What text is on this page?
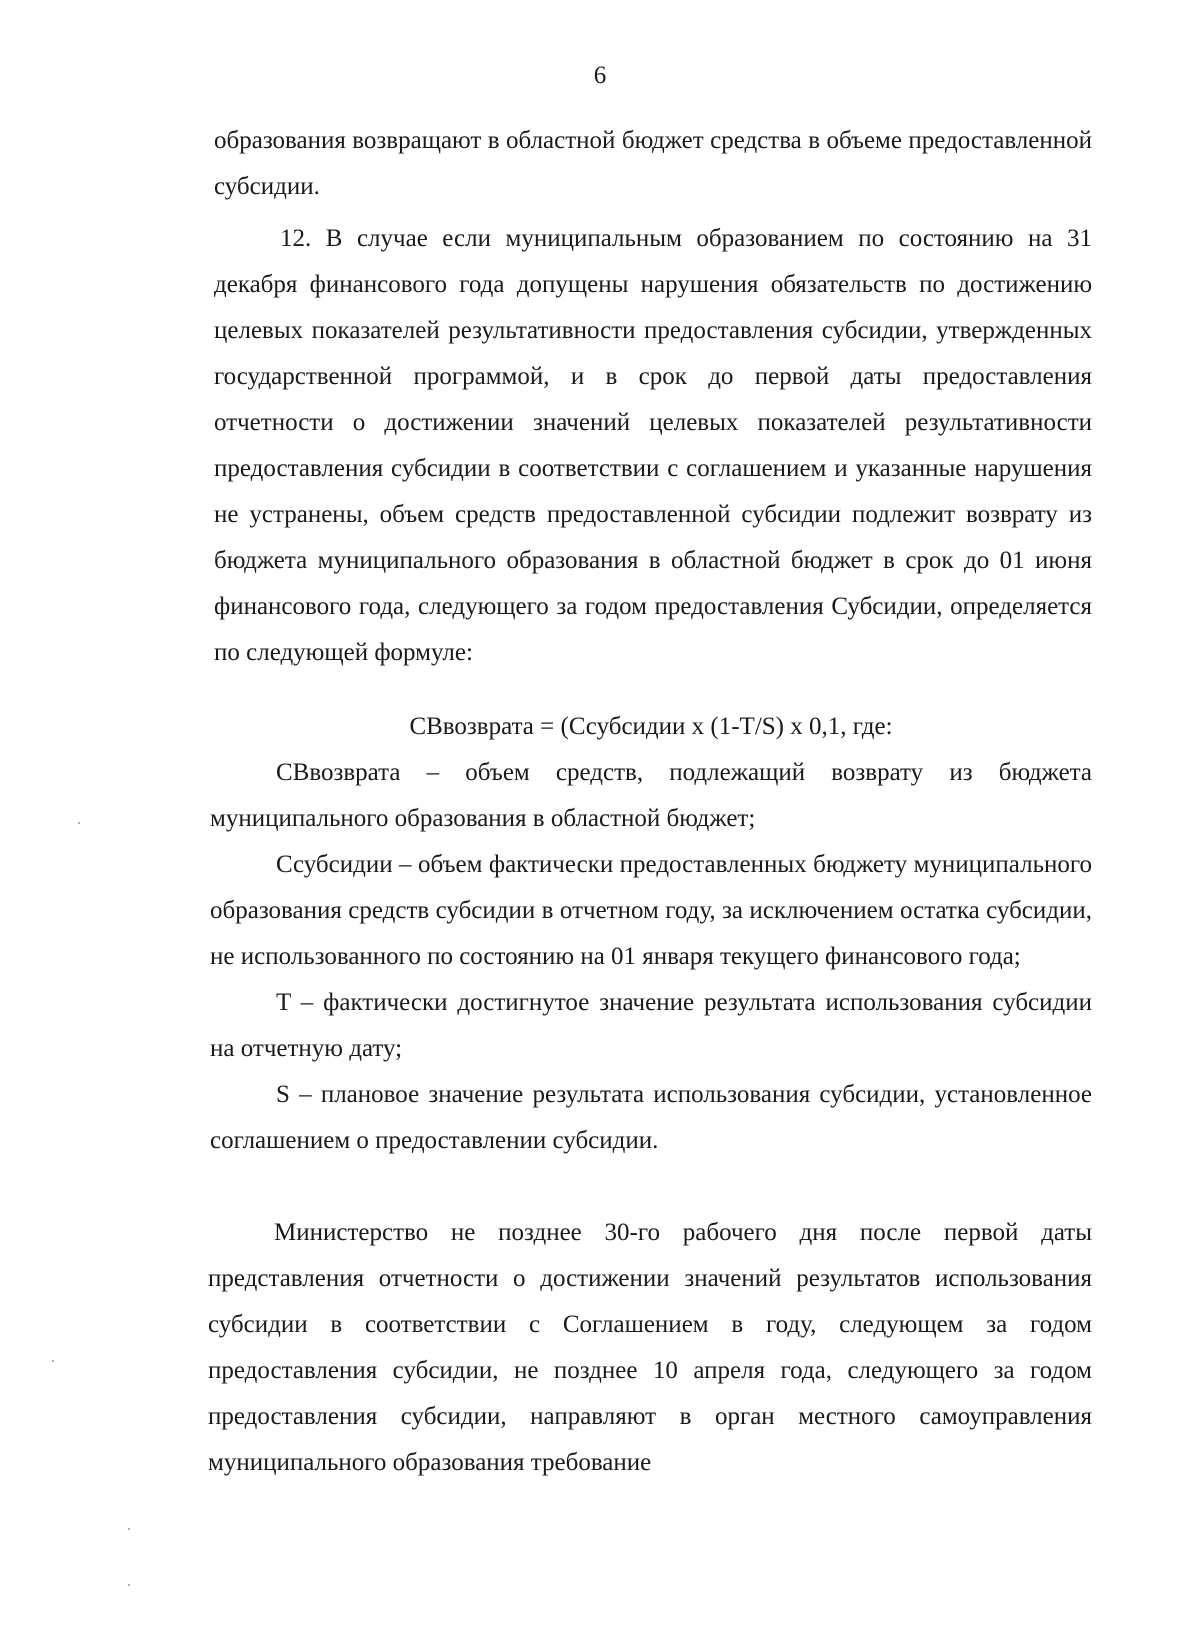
6

образования возвращают в областной бюджет средства в объеме предоставленной субсидии.

12. В случае если муниципальным образованием по состоянию на 31 декабря финансового года допущены нарушения обязательств по достижению целевых показателей результативности предоставления субсидии, утвержденных государственной программой, и в срок до первой даты предоставления отчетности о достижении значений целевых показателей результативности предоставления субсидии в соответствии с соглашением и указанные нарушения не устранены, объем средств предоставленной субсидии подлежит возврату из бюджета муниципального образования в областной бюджет в срок до 01 июня финансового года, следующего за годом предоставления Субсидии, определяется по следующей формуле:

СВвозврата = (Ссубсидии х (1-T/S) х 0,1, где:

СВвозврата – объем средств, подлежащий возврату из бюджета муниципального образования в областной бюджет;

Ссубсидии – объем фактически предоставленных бюджету муниципального образования средств субсидии в отчетном году, за исключением остатка субсидии, не использованного по состоянию на 01 января текущего финансового года;

T – фактически достигнутое значение результата использования субсидии на отчетную дату;

S – плановое значение результата использования субсидии, установленное соглашением о предоставлении субсидии.

Министерство не позднее 30-го рабочего дня после первой даты представления отчетности о достижении значений результатов использования субсидии в соответствии с Соглашением в году, следующем за годом предоставления субсидии, не позднее 10 апреля года, следующего за годом предоставления субсидии, направляют в орган местного самоуправления муниципального образования требование
